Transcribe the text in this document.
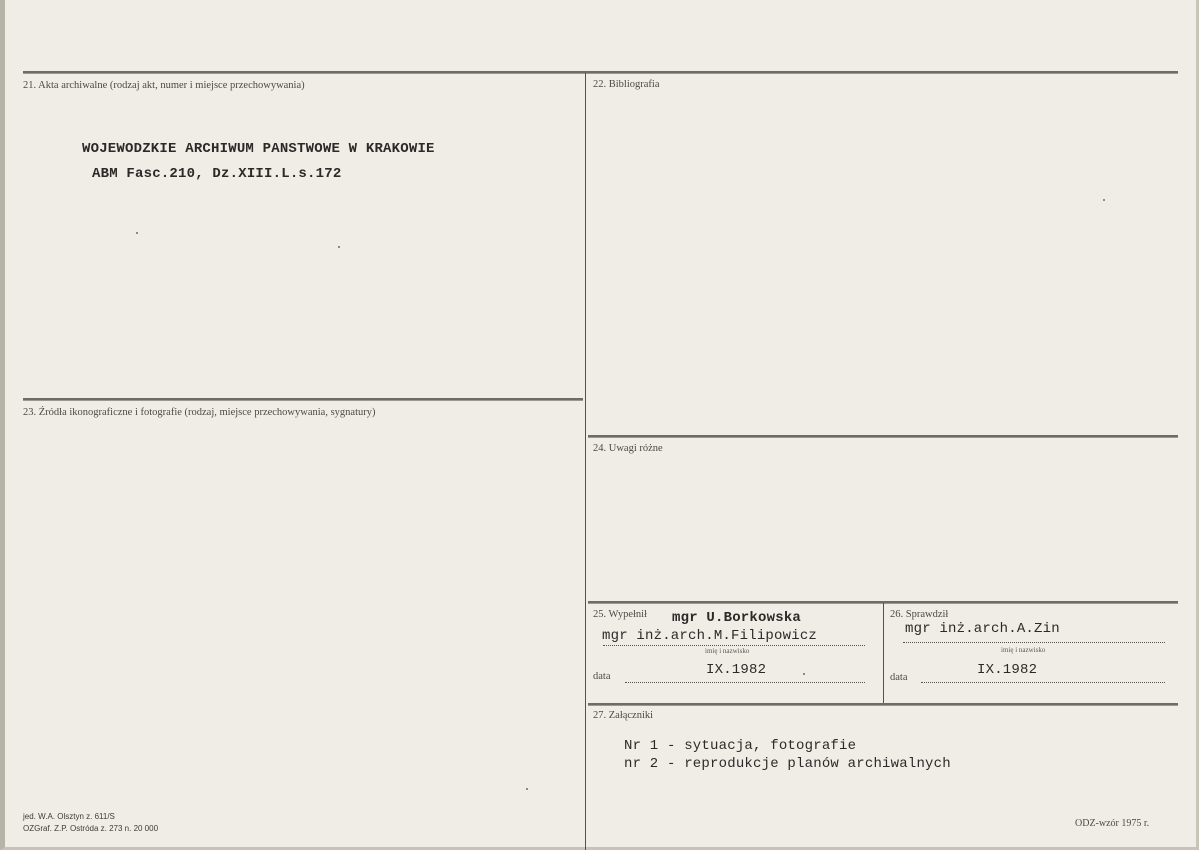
21. Akta archiwalne (rodzaj akt, numer i miejsce przechowywania)
WOJEWODZKIE ARCHIWUM PANSTWOWE W KRAKOWIE
ABM Fasc.210, Dz.XIII.L.s.172
22. Bibliografia
23. Źródła ikonograficzne i fotografie (rodzaj, miejsce przechowywania, sygnatury)
24. Uwagi różne
25. Wypełnił mgr U.Borkowska
mgr inż.arch.M.Filipowicz
imię i nazwisko
data	IX.1982
26. Sprawdził
mgr inż.arch.A.Zin
imię i nazwisko
data	IX.1982
27. Załączniki
Nr 1 - sytuacja, fotografie
nr 2 - reprodukcje planów archiwalnych
jed. W.A. Olsztyn z. 611/S
OZGraf. Z.P. Ostróda z. 273 n. 20 000	ODZ-wzór 1975 r.
